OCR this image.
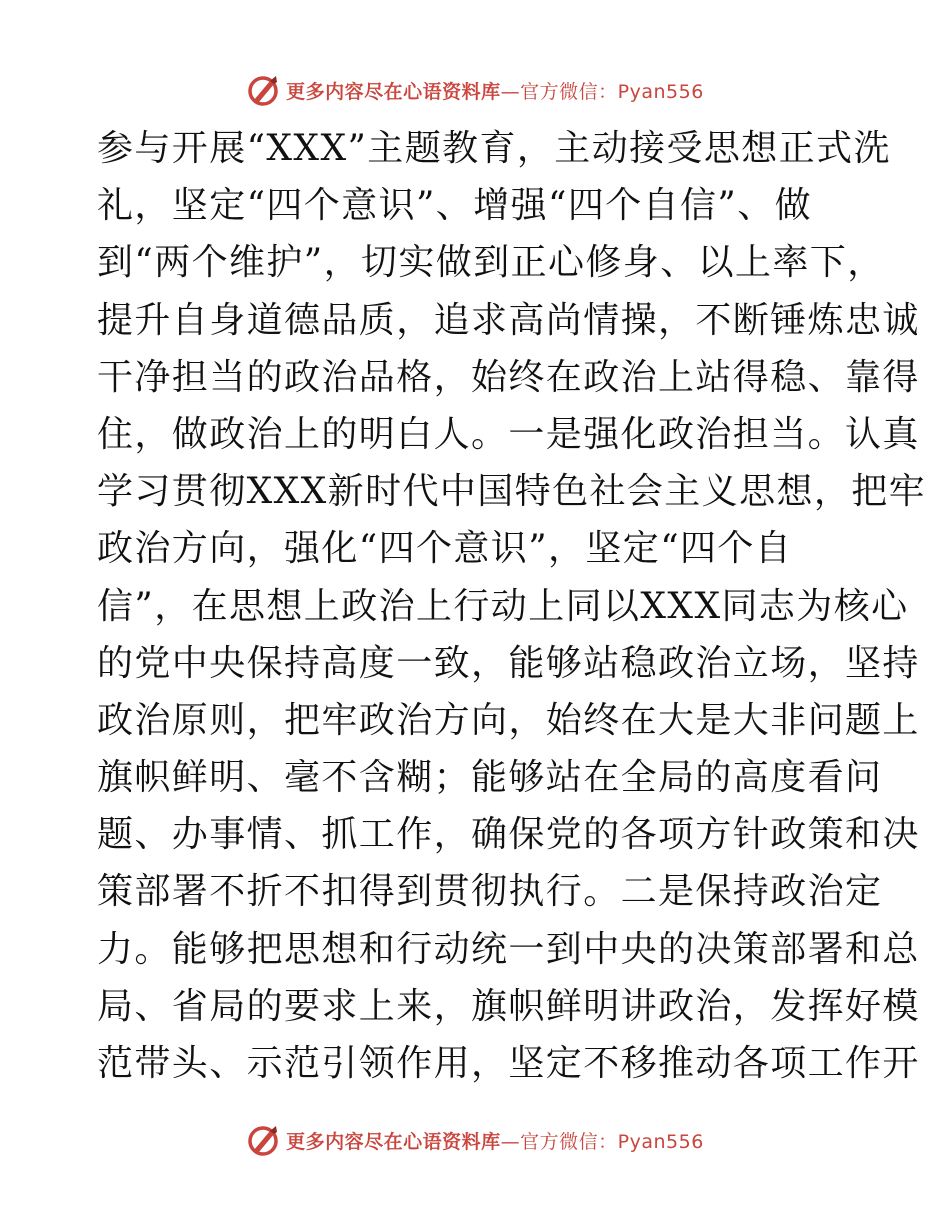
更多内容尽在心语资料库—官方微信：Pyan556
参与开展“XXX”主题教育，主动接受思想正式洗
礼，坚定“四个意识”、增强“四个自信”、做
到“两个维护”，切实做到正心修身、以上率下，
提升自身道德品质，追求高尚情操，不断锤炼忠诚
干净担当的政治品格，始终在政治上站得稳、靠得
住，做政治上的明白人。一是强化政治担当。认真
学习贯彻XXX新时代中国特色社会主义思想，把牢
政治方向，强化“四个意识”，坚定“四个自
信”，在思想上政治上行动上同以XXX同志为核心
的党中央保持高度一致，能够站稳政治立场，坚持
政治原则，把牢政治方向，始终在大是大非问题上
旗帜鲜明、毫不含糊；能够站在全局的高度看问
题、办事情、抓工作，确保党的各项方针政策和决
策部署不折不扣得到贯彻执行。二是保持政治定
力。能够把思想和行动统一到中央的决策部署和总
局、省局的要求上来，旗帜鲜明讲政治，发挥好模
范带头、示范引领作用，坚定不移推动各项工作开
更多内容尽在心语资料库—官方微信：Pyan556
